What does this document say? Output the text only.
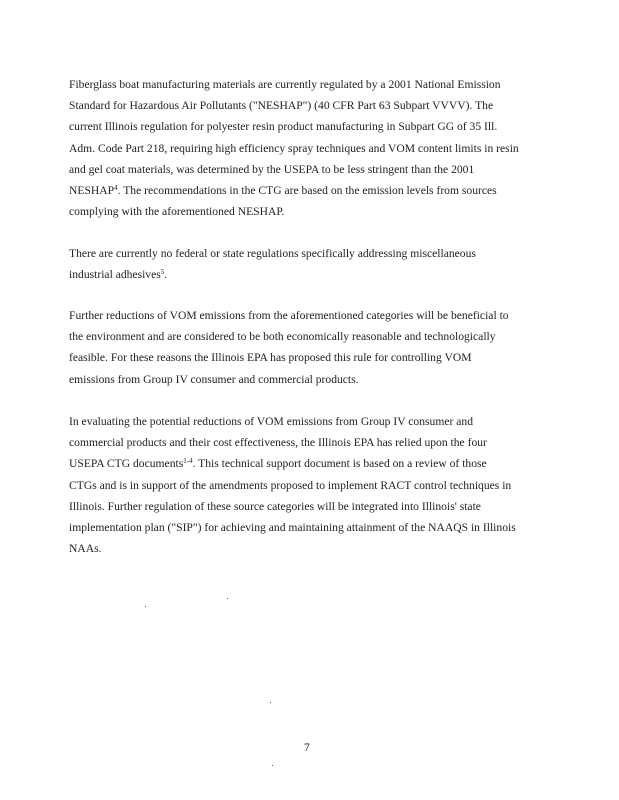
Fiberglass boat manufacturing materials are currently regulated by a 2001 National Emission
Standard for Hazardous Air Pollutants ("NESHAP") (40 CFR Part 63 Subpart VVVV). The
current Illinois regulation for polyester resin product manufacturing in Subpart GG of 35 Ill.
Adm. Code Part 218, requiring high efficiency spray techniques and VOM content limits in resin
and gel coat materials, was determined by the USEPA to be less stringent than the 2001
NESHAP$^4$. The recommendations in the CTG are based on the emission levels from sources
complying with the aforementioned NESHAP.
There are currently no federal or state regulations specifically addressing miscellaneous
industrial adhesives$^5$.
Further reductions of VOM emissions from the aforementioned categories will be beneficial to
the environment and are considered to be both economically reasonable and technologically
feasible. For these reasons the Illinois EPA has proposed this rule for controlling VOM
emissions from Group IV consumer and commercial products.
In evaluating the potential reductions of VOM emissions from Group IV consumer and
commercial products and their cost effectiveness, the Illinois EPA has relied upon the four
USEPA CTG documents$^{1-4}$. This technical support document is based on a review of those
CTGs and is in support of the amendments proposed to implement RACT control techniques in
Illinois. Further regulation of these source categories will be integrated into Illinois' state
implementation plan ("SIP") for achieving and maintaining attainment of the NAAQS in Illinois
NAAs.
7
